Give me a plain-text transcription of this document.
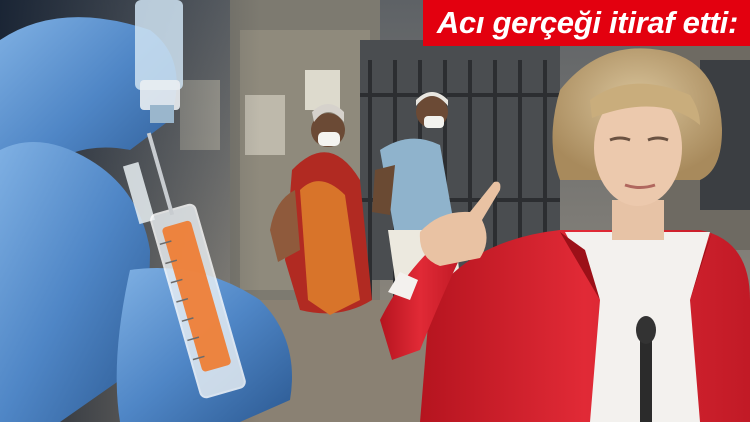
Acı gerçeği itiraf etti:
